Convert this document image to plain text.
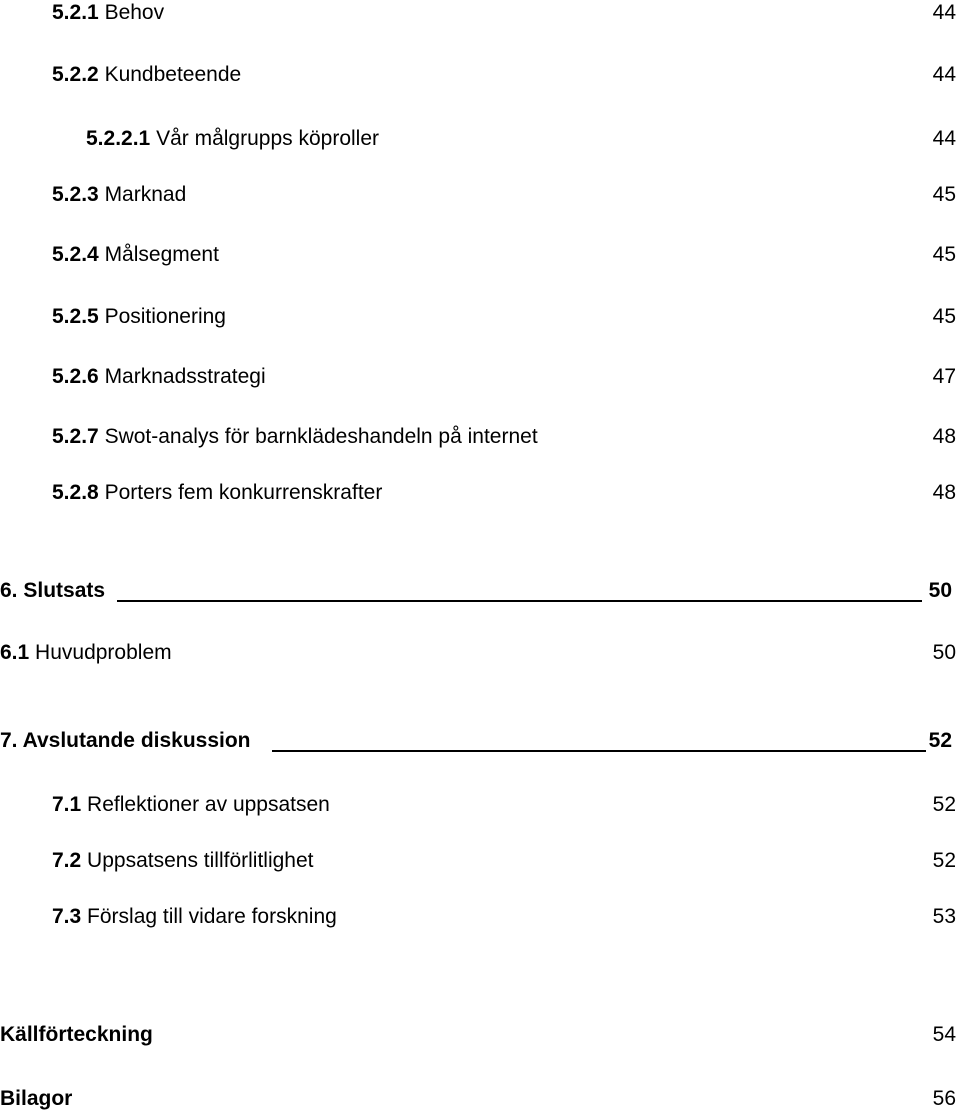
5.2.1 Behov	44
5.2.2 Kundbeteende	44
5.2.2.1 Vår målgrupps köproller	44
5.2.3 Marknad	45
5.2.4 Målsegment	45
5.2.5 Positionering	45
5.2.6 Marknadsstrategi	47
5.2.7 Swot-analys för barnklädeshandeln på internet	48
5.2.8 Porters fem konkurrenskrafter	48
6. Slutsats	50
6.1 Huvudproblem	50
7. Avslutande diskussion	52
7.1 Reflektioner av uppsatsen	52
7.2 Uppsatsens tillförlitlighet	52
7.3 Förslag till vidare forskning	53
Källförteckning	54
Bilagor	56
